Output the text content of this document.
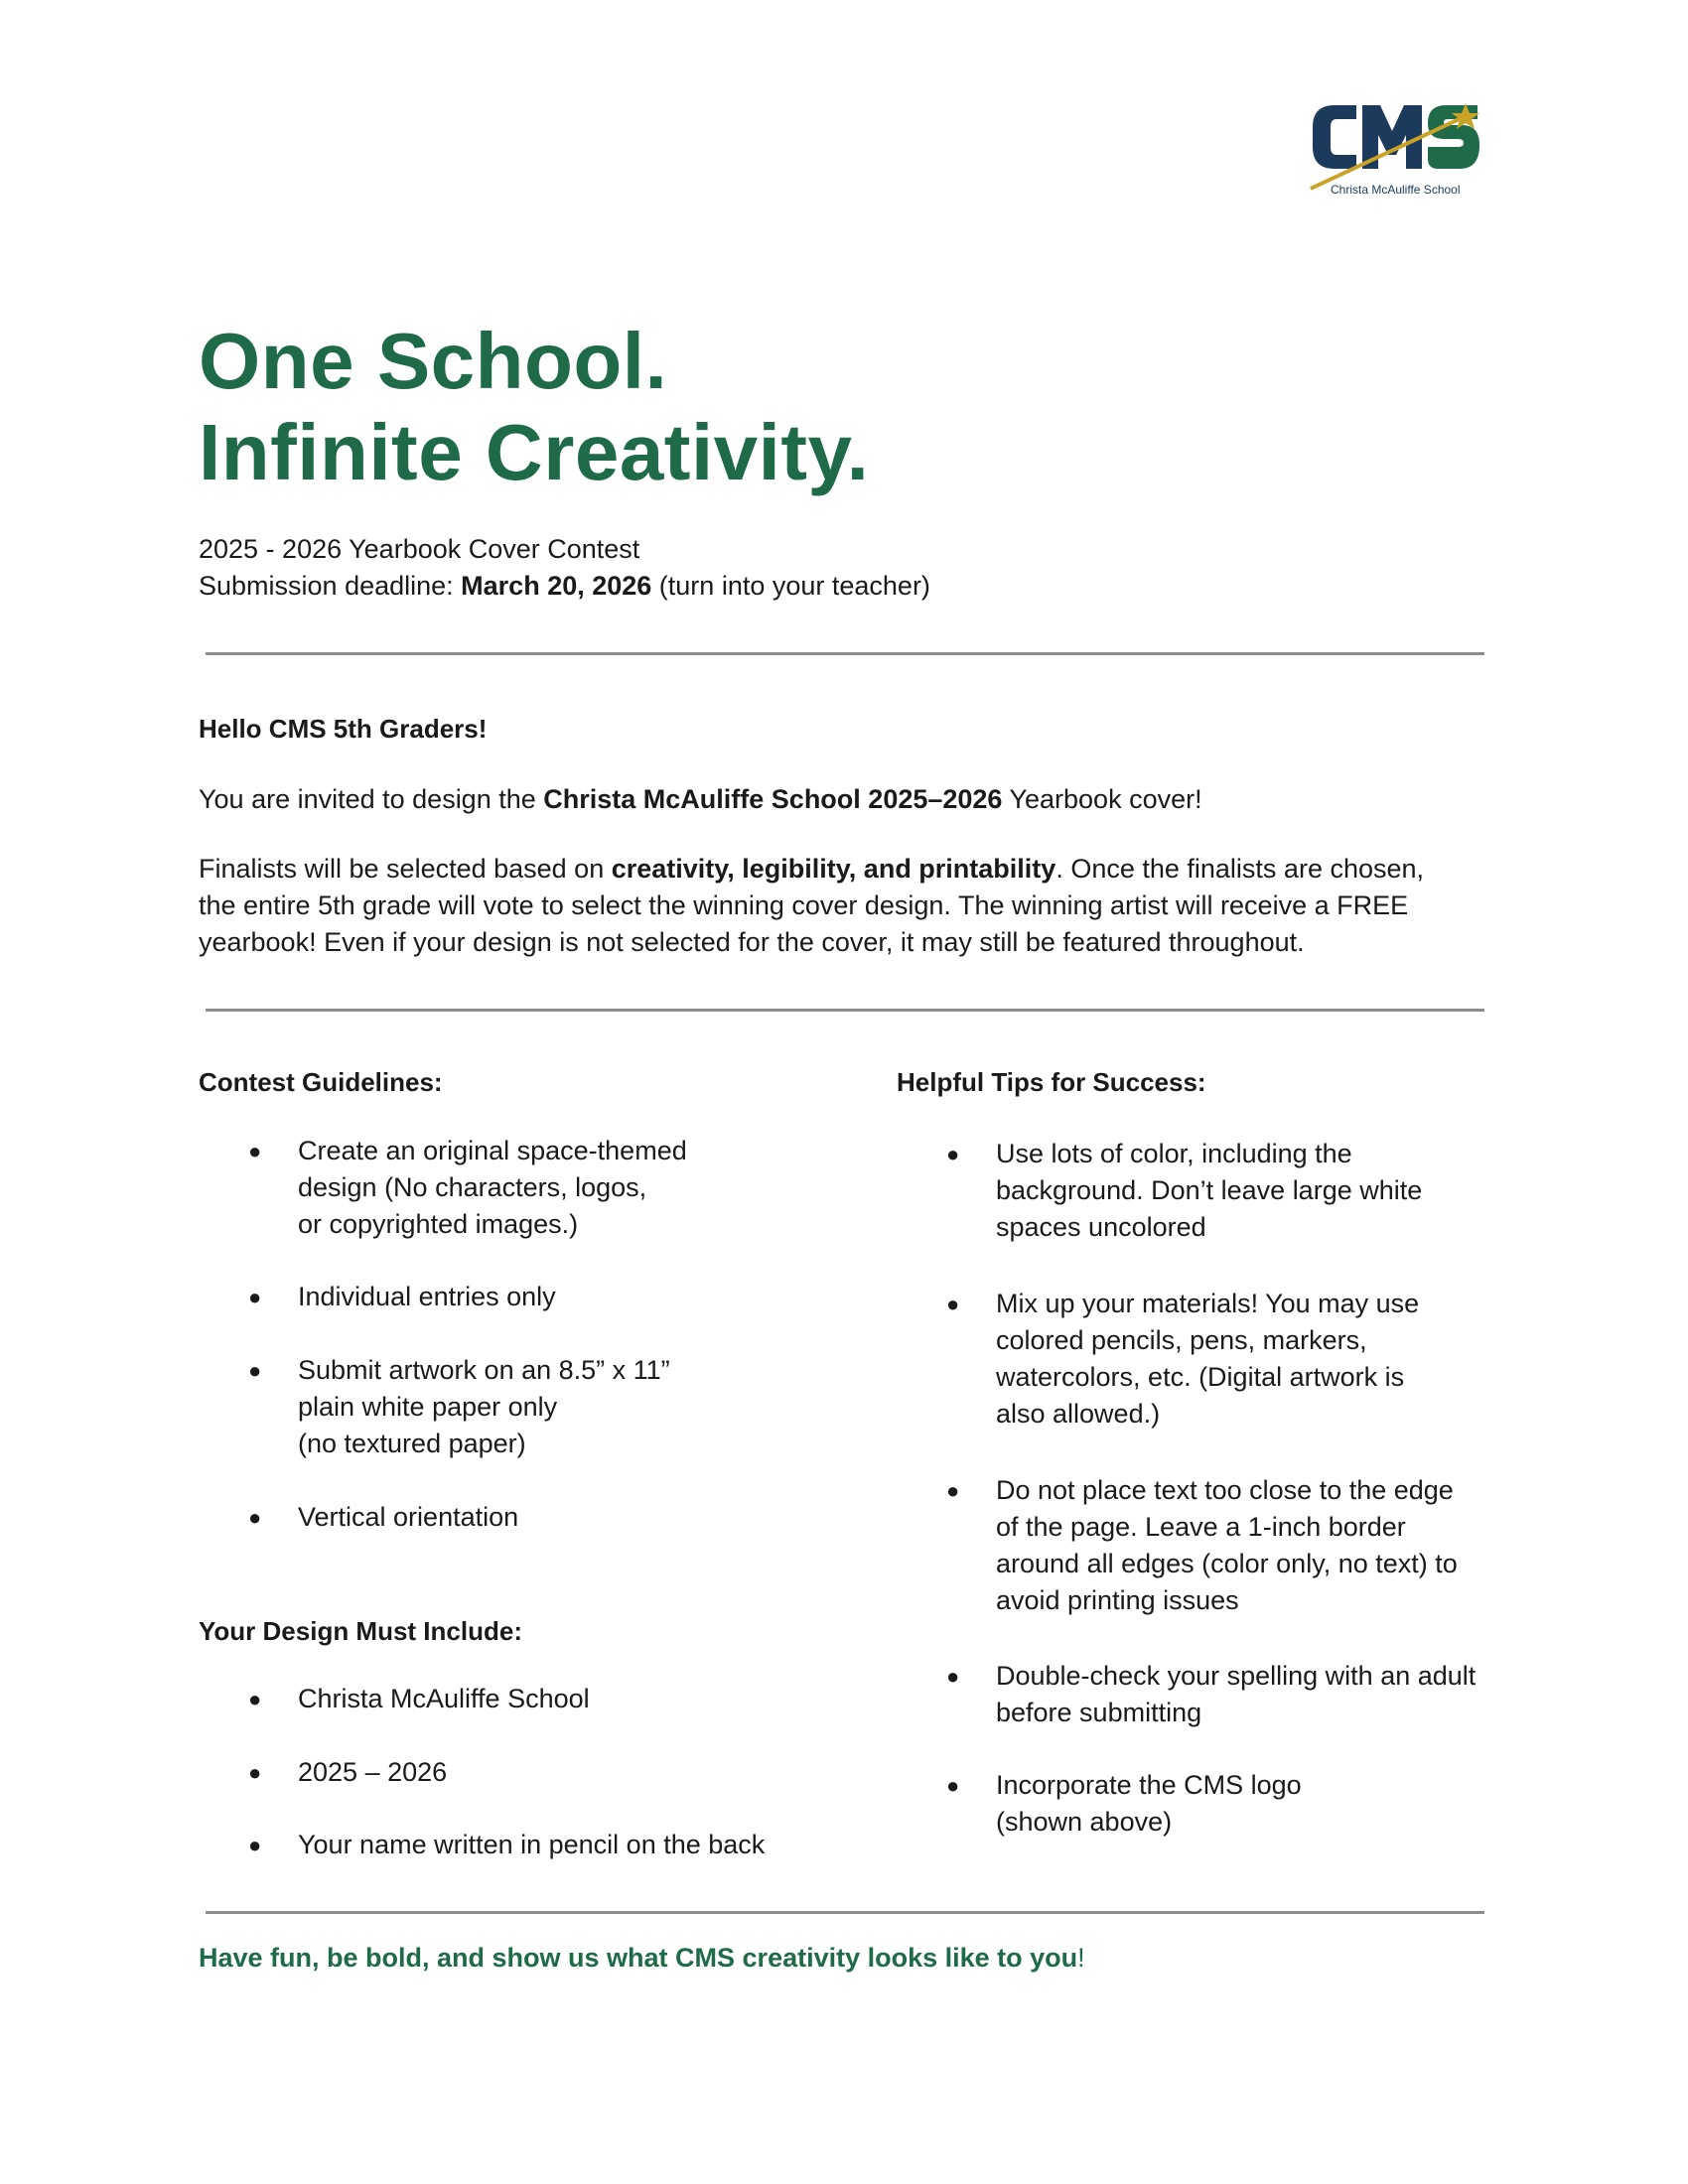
Christa McAuliffe School
One School.
Infinite Creativity.
2025 - 2026 Yearbook Cover Contest
Submission deadline: March 20, 2026 (turn into your teacher)
Hello CMS 5th Graders!
You are invited to design the Christa McAuliffe School 2025–2026 Yearbook cover!
Finalists will be selected based on creativity, legibility, and printability. Once the finalists are chosen,
the entire 5th grade will vote to select the winning cover design. The winning artist will receive a FREE
yearbook! Even if your design is not selected for the cover, it may still be featured throughout.
Contest Guidelines:
● Create an original space-themed
design (No characters, logos,
or copyrighted images.)
● Individual entries only
● Submit artwork on an 8.5” x 11”
plain white paper only
(no textured paper)
● Vertical orientation
Your Design Must Include:
● Christa McAuliffe School
● 2025 – 2026
● Your name written in pencil on the back
Helpful Tips for Success:
● Use lots of color, including the
background. Don’t leave large white
spaces uncolored
● Mix up your materials! You may use
colored pencils, pens, markers,
watercolors, etc. (Digital artwork is
also allowed.)
● Do not place text too close to the edge
of the page. Leave a 1-inch border
around all edges (color only, no text) to
avoid printing issues
● Double-check your spelling with an adult
before submitting
● Incorporate the CMS logo
(shown above)
Have fun, be bold, and show us what CMS creativity looks like to you!
